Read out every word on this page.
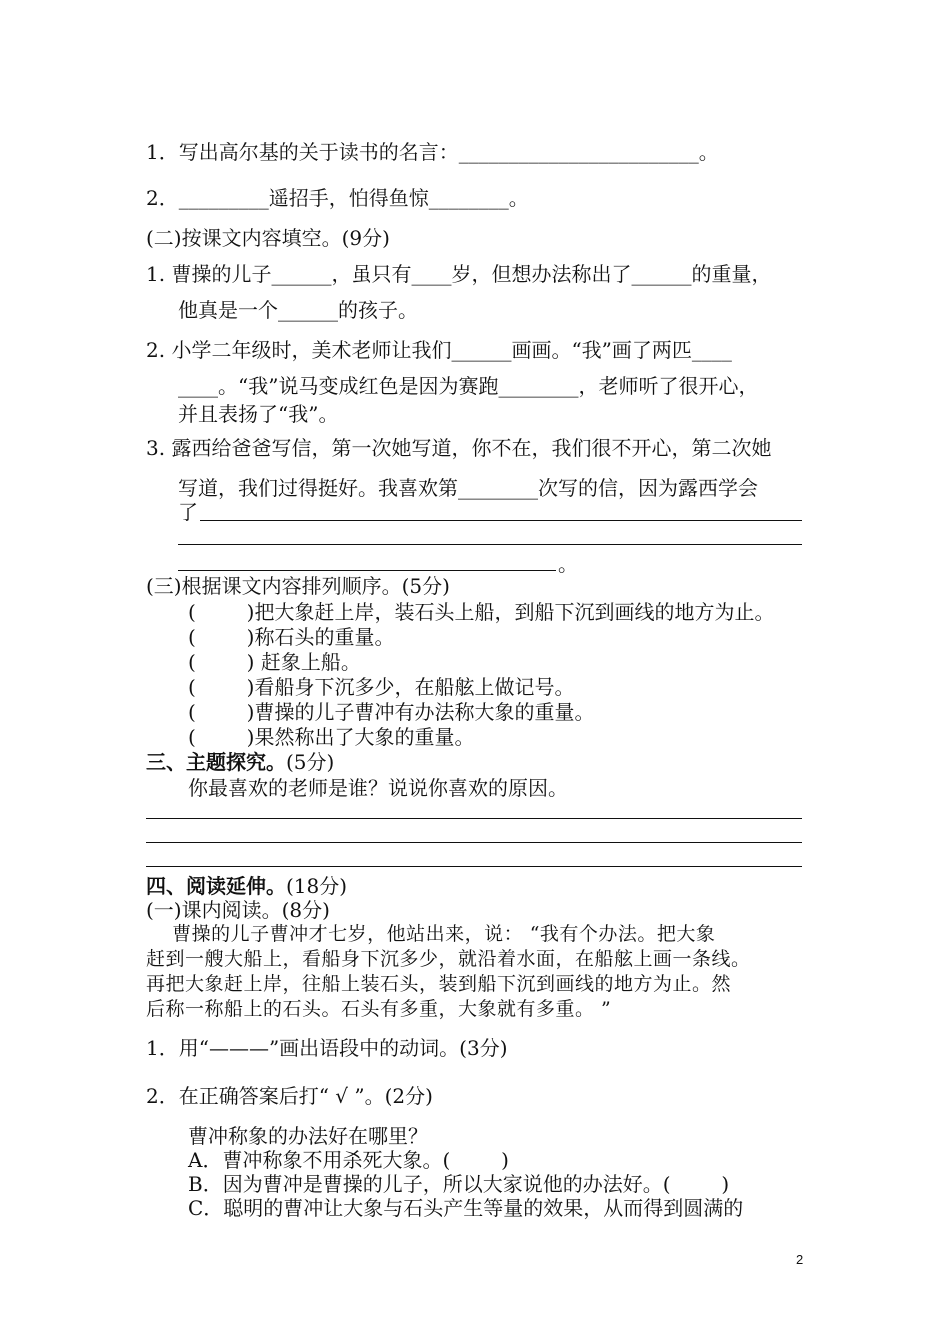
1．写出高尔基的关于读书的名言：________________________。
2．_________遥招手，怕得鱼惊________。
(二)按课文内容填空。(9分)
1. 曹操的儿子______，虽只有____岁，但想办法称出了______的重量，
他真是一个______的孩子。
2. 小学二年级时，美术老师让我们______画画。“我”画了两匹____
____。“我”说马变成红色是因为赛跑________，老师听了很开心，
并且表扬了“我”。
3. 露西给爸爸写信，第一次她写道，你不在，我们很不开心，第二次她
写道，我们过得挺好。我喜欢第________次写的信，因为露西学会
了
。
(三)根据课文内容排列顺序。(5分)
(        )把大象赶上岸，装石头上船，到船下沉到画线的地方为止。
(        )称石头的重量。
(        ) 赶象上船。
(        )看船身下沉多少，在船舷上做记号。
(        )曹操的儿子曹冲有办法称大象的重量。
(        )果然称出了大象的重量。
三、主题探究。(5分)
你最喜欢的老师是谁？说说你喜欢的原因。
四、阅读延伸。(18分)
(一)课内阅读。(8分)
曹操的儿子曹冲才七岁，他站出来，说： “我有个办法。把大象
赶到一艘大船上，看船身下沉多少，就沿着水面，在船舷上画一条线。
再把大象赶上岸，往船上装石头，装到船下沉到画线的地方为止。然
后称一称船上的石头。石头有多重，大象就有多重。 ”
1．用“———”画出语段中的动词。(3分)
2．在正确答案后打“ √ ”。(2分)
曹冲称象的办法好在哪里？
A．曹冲称象不用杀死大象。(        )
B．因为曹冲是曹操的儿子，所以大家说他的办法好。(        )
C．聪明的曹冲让大象与石头产生等量的效果，从而得到圆满的
2
